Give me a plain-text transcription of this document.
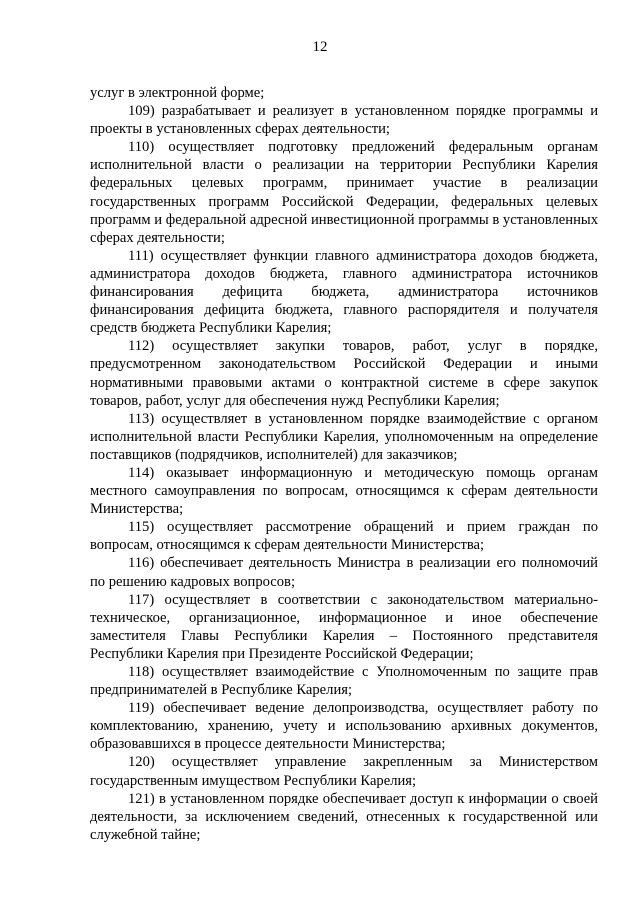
12

услуг в электронной форме;

109) разрабатывает и реализует в установленном порядке программы и проекты в установленных сферах деятельности;

110) осуществляет подготовку предложений федеральным органам исполнительной власти о реализации на территории Республики Карелия федеральных целевых программ, принимает участие в реализации государственных программ Российской Федерации, федеральных целевых программ и федеральной адресной инвестиционной программы в установленных сферах деятельности;

111) осуществляет функции главного администратора доходов бюджета, администратора доходов бюджета, главного администратора источников финансирования дефицита бюджета, администратора источников финансирования дефицита бюджета, главного распорядителя и получателя средств бюджета Республики Карелия;

112) осуществляет закупки товаров, работ, услуг в порядке, предусмотренном законодательством Российской Федерации и иными нормативными правовыми актами о контрактной системе в сфере закупок товаров, работ, услуг для обеспечения нужд Республики Карелия;

113) осуществляет в установленном порядке взаимодействие с органом исполнительной власти Республики Карелия, уполномоченным на определение поставщиков (подрядчиков, исполнителей) для заказчиков;

114) оказывает информационную и методическую помощь органам местного самоуправления по вопросам, относящимся к сферам деятельности Министерства;

115) осуществляет рассмотрение обращений и прием граждан по вопросам, относящимся к сферам деятельности Министерства;

116) обеспечивает деятельность Министра в реализации его полномочий по решению кадровых вопросов;

117) осуществляет в соответствии с законодательством материально-техническое, организационное, информационное и иное обеспечение заместителя Главы Республики Карелия – Постоянного представителя Республики Карелия при Президенте Российской Федерации;

118) осуществляет взаимодействие с Уполномоченным по защите прав предпринимателей в Республике Карелия;

119) обеспечивает ведение делопроизводства, осуществляет работу по комплектованию, хранению, учету и использованию архивных документов, образовавшихся в процессе деятельности Министерства;

120) осуществляет управление закрепленным за Министерством государственным имуществом Республики Карелия;

121) в установленном порядке обеспечивает доступ к информации о своей деятельности, за исключением сведений, отнесенных к государственной или служебной тайне;
